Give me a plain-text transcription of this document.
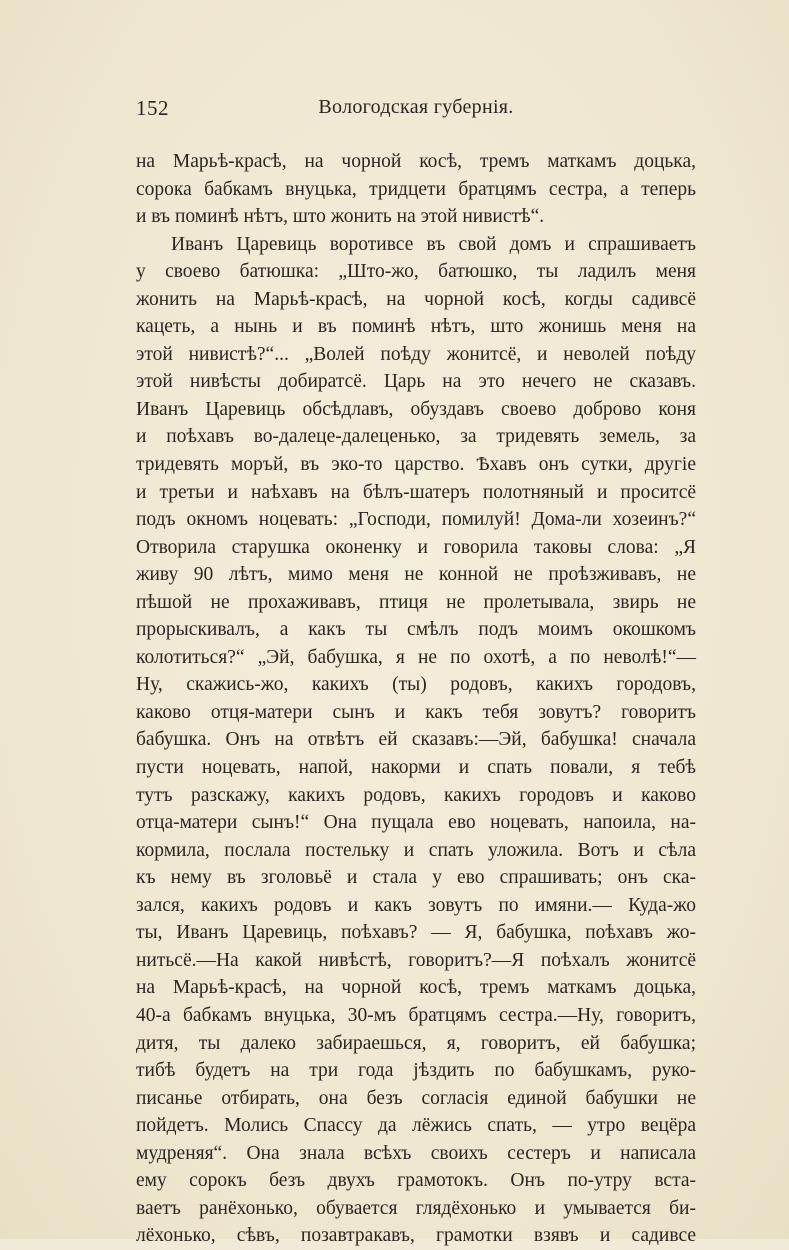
152	Вологодская губернія.
на Марьѣ-красѣ, на чорной косѣ, тремъ маткамъ доцька,
сорока бабкамъ внуцька, тридцети братцямъ сестра, а теперь
и въ поминѣ нѣтъ, што жонить на этой нивистѣ“.
Иванъ Царевиць воротивсе въ свой домъ и спрашиваетъ
у своево батюшка: „Што-жо, батюшко, ты ладилъ меня
жонить на Марьѣ-красѣ, на чорной косѣ, когды садивсё
кацеть, а нынь и въ поминѣ нѣтъ, што жонишь меня на
этой нивистѣ?“... „Волей поѣду жонитсё, и неволей поѣду
этой нивѣсты добиратсё. Царь на это нечего не сказавъ.
Иванъ Царевиць обсѣдлавъ, обуздавъ своево доброво коня
и поѣхавъ во-далеце-далеценько, за тридевять земель, за
тридевять моръй, въ эко-то царство. Ѣхавъ онъ сутки, другіе
и третьи и наѣхавъ на бѣлъ-шатеръ полотняный и проситсё
подъ окномъ ноцевать: „Господи, помилуй! Дома-ли хозеинъ?“
Отворила старушка оконенку и говорила таковы слова: „Я
живу 90 лѣтъ, мимо меня не конной не проѣзживавъ, не
пѣшой не прохаживавъ, птиця не пролетывала, звирь не
прорыскивалъ, а какъ ты смѣлъ подъ моимъ окошкомъ
колотиться?“ „Эй, бабушка, я не по охотѣ, а по неволѣ!“—
Ну, скажись-жо, какихъ (ты) родовъ, какихъ городовъ,
каково отця-матери сынъ и какъ тебя зовутъ? говоритъ
бабушка. Онъ на отвѣтъ ей сказавъ:—Эй, бабушка! сначала
пусти ноцевать, напой, накорми и спать повали, я тебѣ
тутъ разскажу, какихъ родовъ, какихъ городовъ и каково
отца-матери сынъ!“ Она пущала ево ноцевать, напоила, на-
кормила, послала постельку и спать уложила. Вотъ и сѣла
къ нему въ зголовьё и стала у ево спрашивать; онъ ска-
зался, какихъ родовъ и какъ зовутъ по имяни.— Куда-жо
ты, Иванъ Царевиць, поѣхавъ? — Я, бабушка, поѣхавъ жо-
нитьсё.—На какой нивѣстѣ, говоритъ?—Я поѣхалъ жонитсё
на Марьѣ-красѣ, на чорной косѣ, тремъ маткамъ доцька,
40-а бабкамъ внуцька, 30-мъ братцямъ сестра.—Ну, говоритъ,
дитя, ты далеко забираешься, я, говоритъ, ей бабушка;
тибѣ будетъ на три года јѣздить по бабушкамъ, руко-
писанье отбирать, она безъ согласія единой бабушки не
пойдетъ. Молись Спассу да лёжись спать, — утро вецёра
мудреняя“. Она знала всѣхъ своихъ сестеръ и написала
ему сорокъ безъ двухъ грамотокъ. Онъ по-утру вста-
ваетъ ранёхонько, обувается глядёхонько и умывается би-
лёхонько, сѣвъ, позавтракавъ, грамотки взявъ и садивсе
